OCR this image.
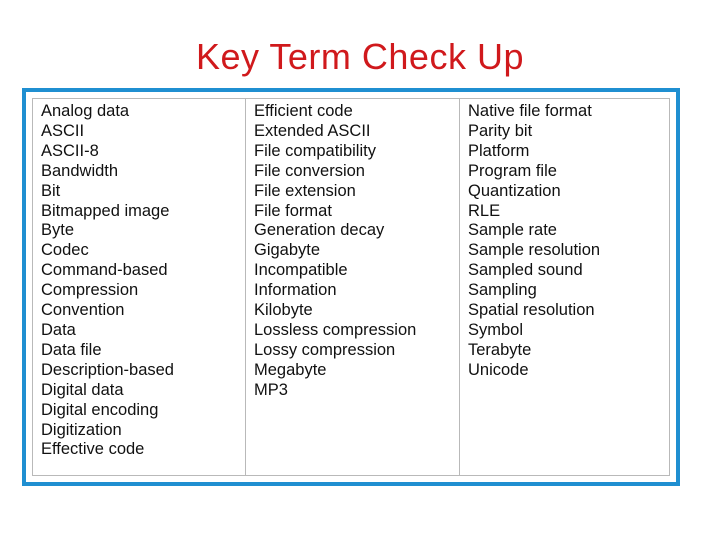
Key Term Check Up
Analog data
ASCII
ASCII-8
Bandwidth
Bit
Bitmapped image
Byte
Codec
Command-based
Compression
Convention
Data
Data file
Description-based
Digital data
Digital encoding
Digitization
Effective code
Efficient code
Extended ASCII
File compatibility
File conversion
File extension
File format
Generation decay
Gigabyte
Incompatible
Information
Kilobyte
Lossless compression
Lossy compression
Megabyte
MP3
Native file format
Parity bit
Platform
Program file
Quantization
RLE
Sample rate
Sample resolution
Sampled sound
Sampling
Spatial resolution
Symbol
Terabyte
Unicode
